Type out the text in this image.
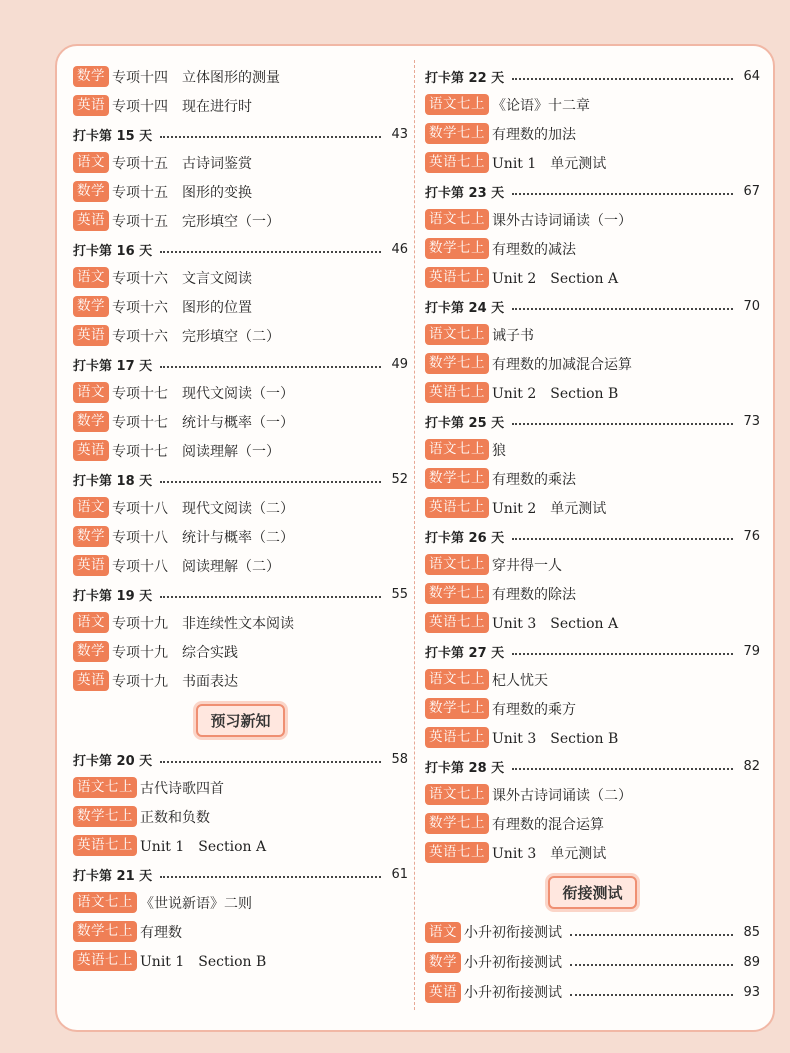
数学 专项十四　立体图形的测量
英语 专项十四　现在进行时
打卡第 15 天	43
语文 专项十五　古诗词鉴赏
数学 专项十五　图形的变换
英语 专项十五　完形填空（一）
打卡第 16 天	46
语文 专项十六　文言文阅读
数学 专项十六　图形的位置
英语 专项十六　完形填空（二）
打卡第 17 天	49
语文 专项十七　现代文阅读（一）
数学 专项十七　统计与概率（一）
英语 专项十七　阅读理解（一）
打卡第 18 天	52
语文 专项十八　现代文阅读（二）
数学 专项十八　统计与概率（二）
英语 专项十八　阅读理解（二）
打卡第 19 天	55
语文 专项十九　非连续性文本阅读
数学 专项十九　综合实践
英语 专项十九　书面表达
预习新知
打卡第 20 天	58
语文七上 古代诗歌四首
数学七上 正数和负数
英语七上 Unit 1　Section A
打卡第 21 天	61
语文七上 《世说新语》二则
数学七上 有理数
英语七上 Unit 1　Section B
打卡第 22 天	64
语文七上 《论语》十二章
数学七上 有理数的加法
英语七上 Unit 1　单元测试
打卡第 23 天	67
语文七上 课外古诗词诵读（一）
数学七上 有理数的减法
英语七上 Unit 2　Section A
打卡第 24 天	70
语文七上 诫子书
数学七上 有理数的加减混合运算
英语七上 Unit 2　Section B
打卡第 25 天	73
语文七上 狼
数学七上 有理数的乘法
英语七上 Unit 2　单元测试
打卡第 26 天	76
语文七上 穿井得一人
数学七上 有理数的除法
英语七上 Unit 3　Section A
打卡第 27 天	79
语文七上 杞人忧天
数学七上 有理数的乘方
英语七上 Unit 3　Section B
打卡第 28 天	82
语文七上 课外古诗词诵读（二）
数学七上 有理数的混合运算
英语七上 Unit 3　单元测试
衔接测试
语文 小升初衔接测试	85
数学 小升初衔接测试	89
英语 小升初衔接测试	93
